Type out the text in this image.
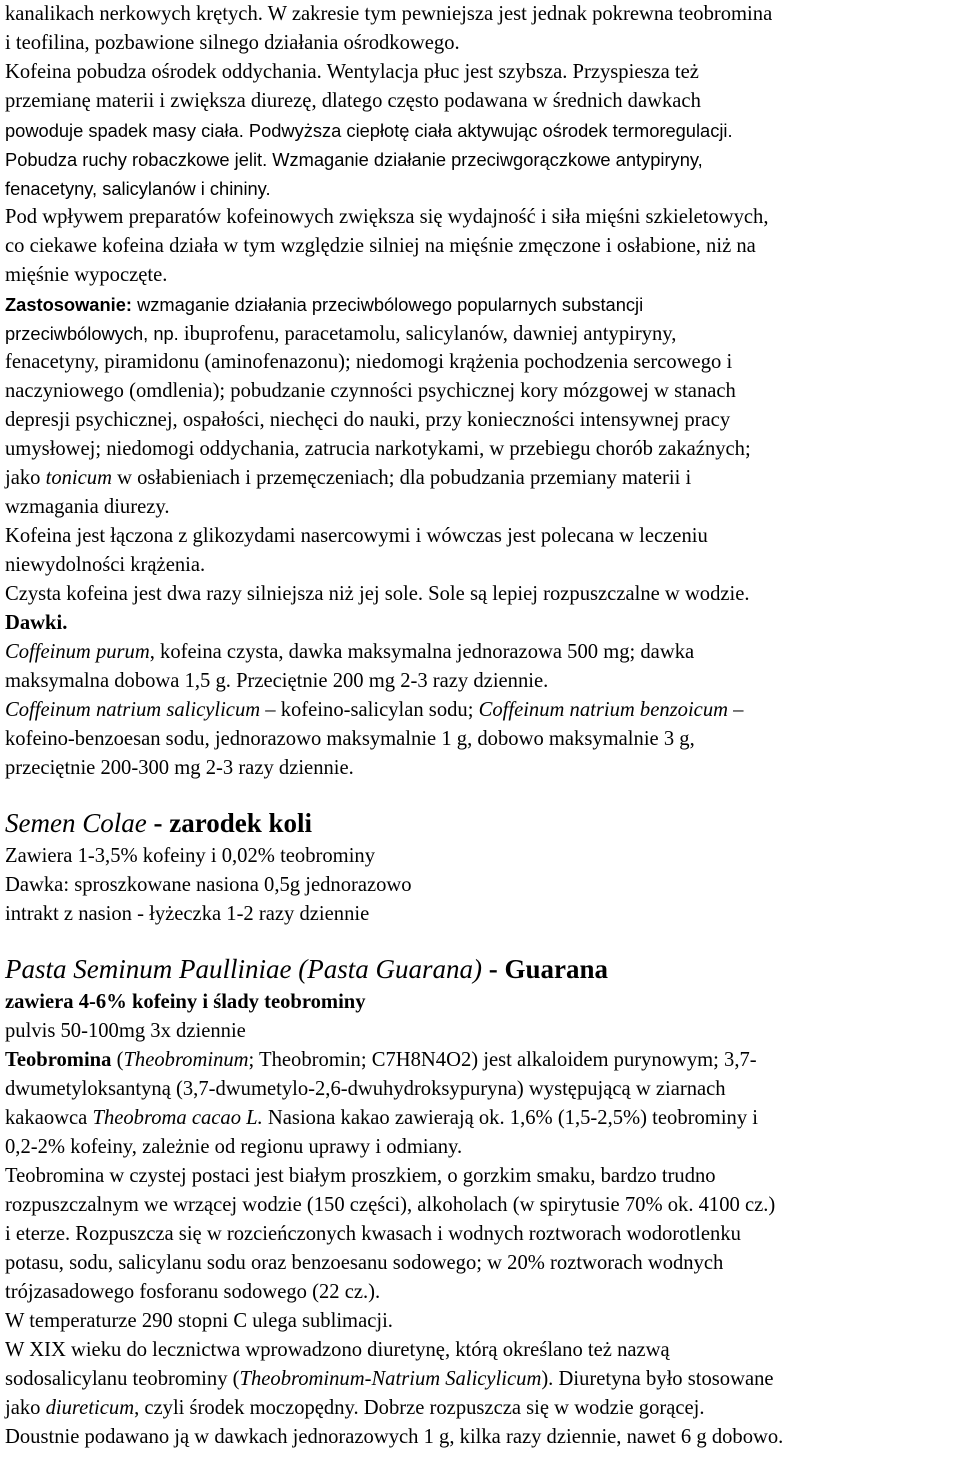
kanalikach nerkowych krętych. W zakresie tym pewniejsza jest jednak pokrewna teobromina
i teofilina, pozbawione silnego działania ośrodkowego.
Kofeina pobudza ośrodek oddychania. Wentylacja płuc jest szybsza. Przyspiesza też
przemianę materii i zwiększa diurezę, dlatego często podawana w średnich dawkach
powoduje spadek masy ciała. Podwyższa ciepłotę ciała aktywując ośrodek termoregulacji.
Pobudza ruchy robaczkowe jelit. Wzmaganie działanie przeciwgorączkowe antypiryny,
fenacetyny, salicylanów i chininy.
Pod wpływem preparatów kofeinowych zwiększa się wydajność i siła mięśni szkieletowych,
co ciekawe kofeina działa w tym względzie silniej na mięśnie zmęczone i osłabione, niż na
mięśnie wypoczęte.
Zastosowanie: wzmaganie działania przeciwbólowego popularnych substancji
przeciwbólowych, np. ibuprofenu, paracetamolu, salicylanów, dawniej antypiryny,
fenacetyny, piramidonu (aminofenazonu); niedomogi krążenia pochodzenia sercowego i
naczyniowego (omdlenia); pobudzanie czynności psychicznej kory mózgowej w stanach
depresji psychicznej, ospałości, niechęci do nauki, przy konieczności intensywnej pracy
umysłowej; niedomogi oddychania, zatrucia narkotykami, w przebiegu chorób zakaźnych;
jako tonicum w osłabieniach i przemęczeniach; dla pobudzania przemiany materii i
wzmagania diurezy.
Kofeina jest łączona z glikozydami nasercowymi i wówczas jest polecana w leczeniu
niewydolności krążenia.
Czysta kofeina jest dwa razy silniejsza niż jej sole. Sole są lepiej rozpuszczalne w wodzie.
Dawki.
Coffeinum purum, kofeina czysta, dawka maksymalna jednorazowa 500 mg; dawka
maksymalna dobowa 1,5 g. Przeciętnie 200 mg 2-3 razy dziennie.
Coffeinum natrium salicylicum – kofeino-salicylan sodu; Coffeinum natrium benzoicum –
kofeino-benzoesan sodu, jednorazowo maksymalnie 1 g, dobowo maksymalnie 3 g,
przeciętnie 200-300 mg 2-3 razy dziennie.
Semen Colae - zarodek koli
Zawiera 1-3,5% kofeiny i 0,02% teobrominy
Dawka: sproszkowane nasiona 0,5g jednorazowo
intrakt z nasion - łyżeczka 1-2 razy dziennie
Pasta Seminum Paulliniae (Pasta Guarana) - Guarana
zawiera 4-6% kofeiny i ślady teobrominy
pulvis 50-100mg 3x dziennie
Teobromina (Theobrominum; Theobromin; C7H8N4O2) jest alkaloidem purynowym; 3,7-
dwumetyloksantyną (3,7-dwumetylo-2,6-dwuhydroksypuryna) występującą w ziarnach
kakaowca Theobroma cacao L. Nasiona kakao zawierają ok. 1,6% (1,5-2,5%) teobrominy i
0,2-2% kofeiny, zależnie od regionu uprawy i odmiany.
Teobromina w czystej postaci jest białym proszkiem, o gorzkim smaku, bardzo trudno
rozpuszczalnym we wrzącej wodzie (150 części), alkoholach (w spirytusie 70% ok. 4100 cz.)
i eterze. Rozpuszcza się w rozcieńczonych kwasach i wodnych roztworach wodorotlenku
potasu, sodu, salicylanu sodu oraz benzoesanu sodowego; w 20% roztworach wodnych
trójzasadowego fosforanu sodowego (22 cz.).
W temperaturze 290 stopni C ulega sublimacji.
W XIX wieku do lecznictwa wprowadzono diuretynę, którą określano też nazwą
sodosalicylanu teobrominy (Theobrominum-Natrium Salicylicum). Diuretyna było stosowane
jako diureticum, czyli środek moczopędny. Dobrze rozpuszcza się w wodzie gorącej.
Doustnie podawano ją w dawkach jednorazowych 1 g, kilka razy dziennie, nawet 6 g dobowo.
